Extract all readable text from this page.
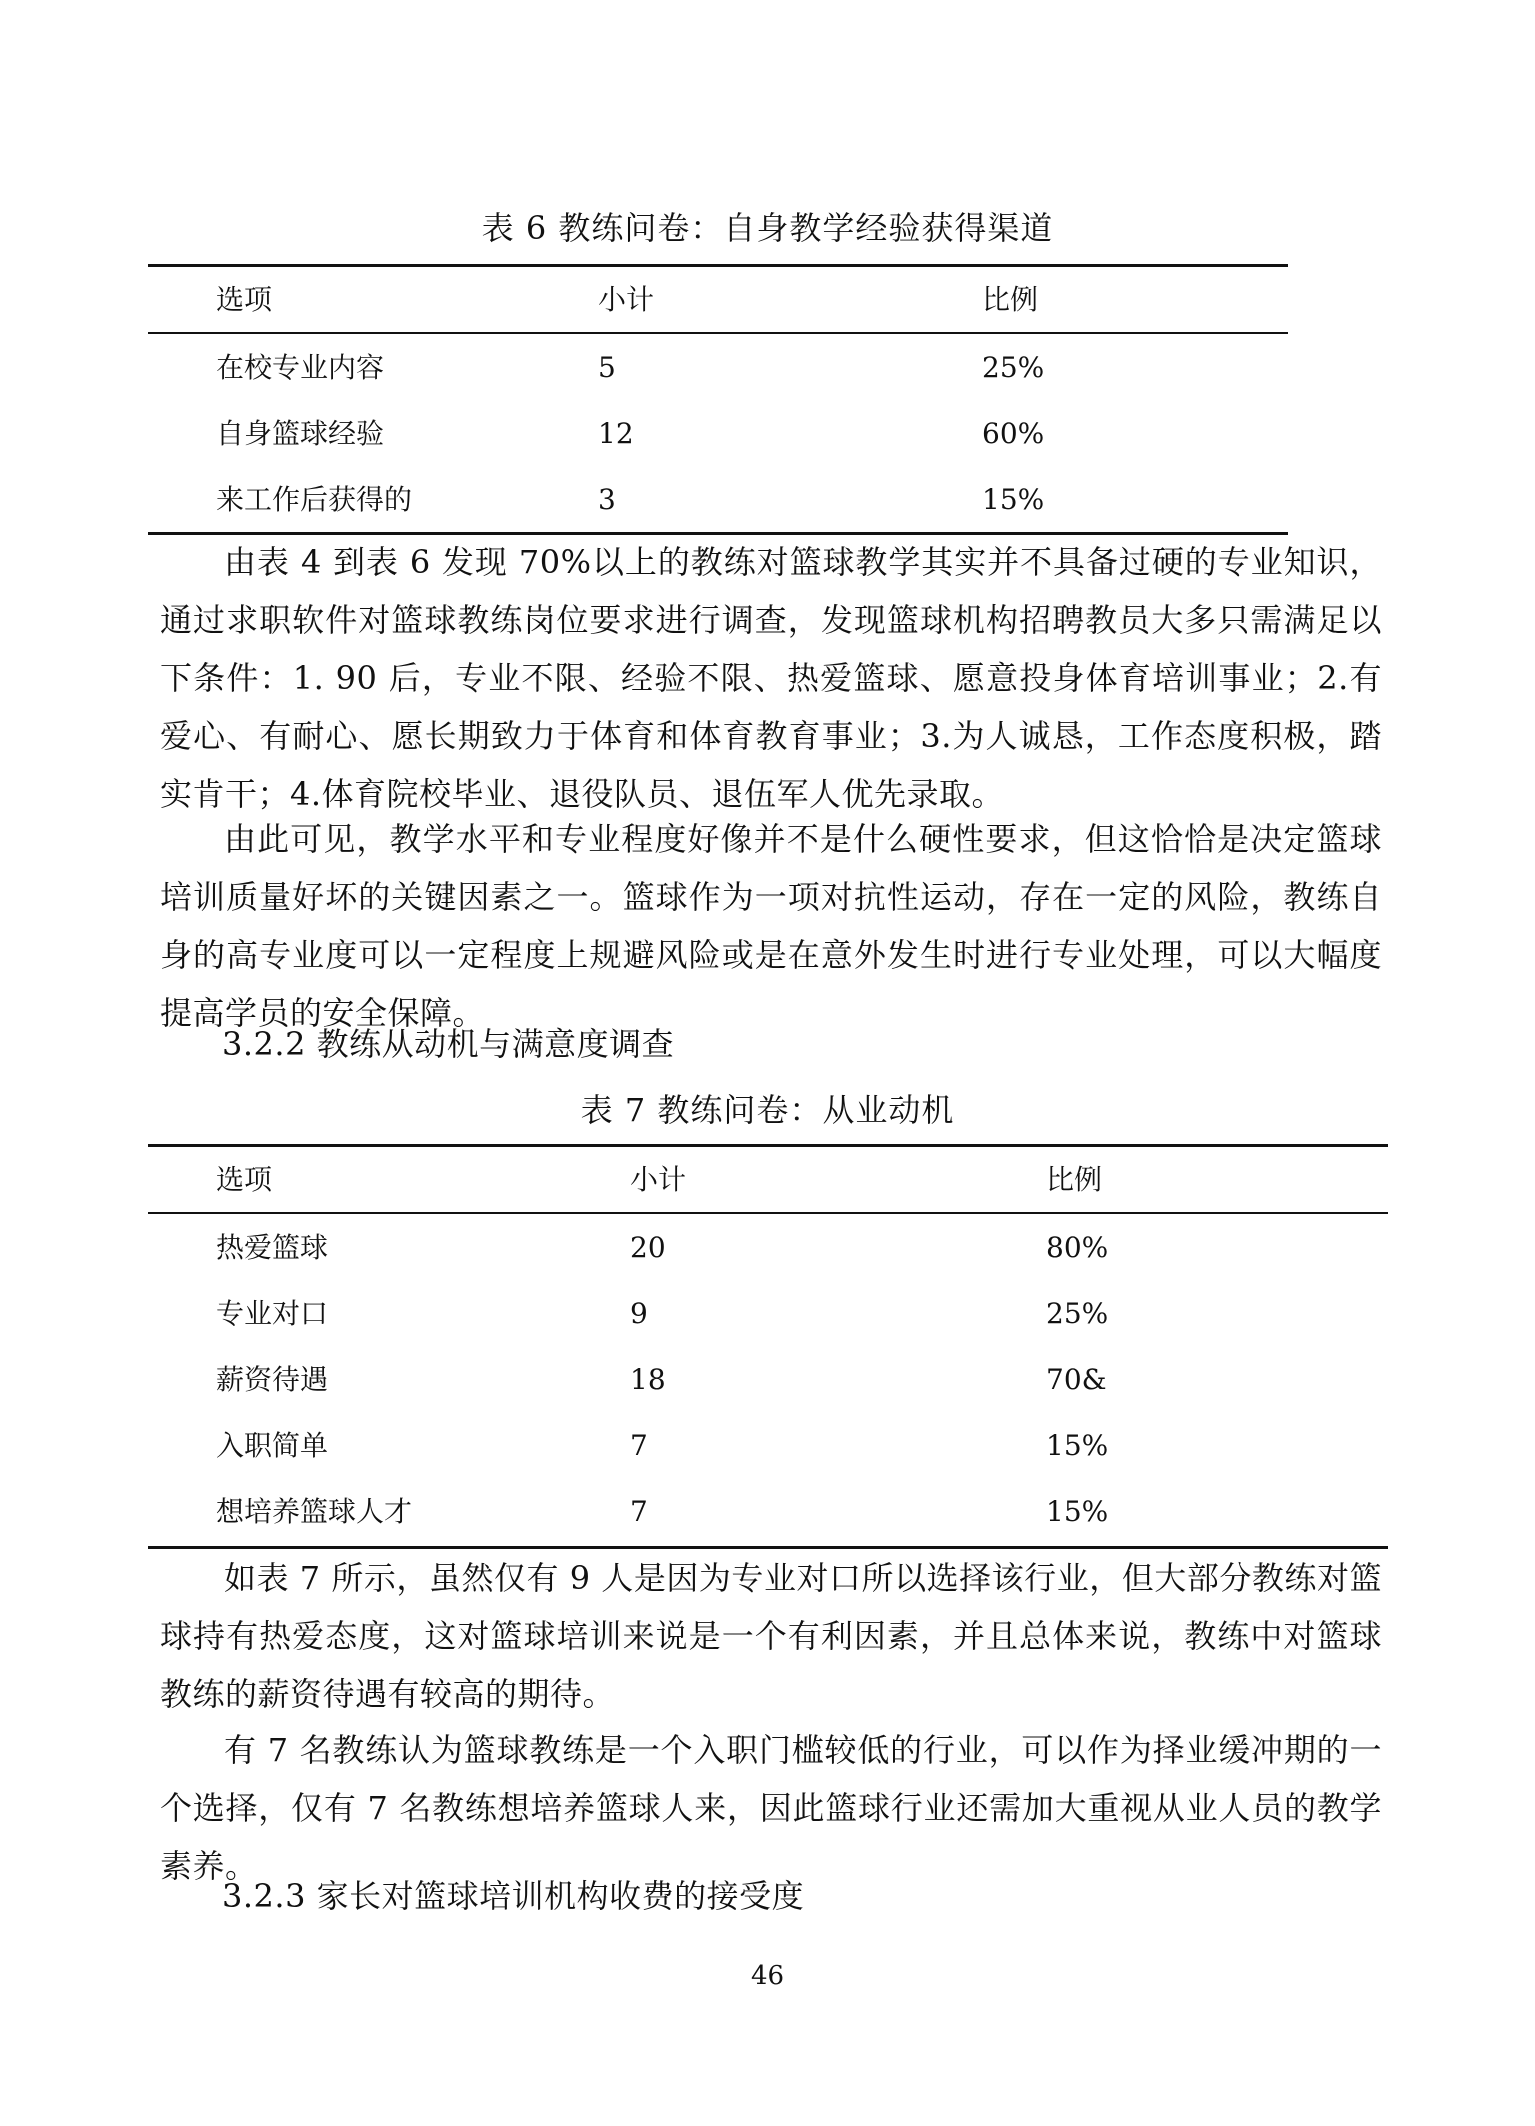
表 6 教练问卷：自身教学经验获得渠道
选项	小计	比例
在校专业内容	5	25%
自身篮球经验	12	60%
来工作后获得的	3	15%

由表 4 到表 6 发现 70%以上的教练对篮球教学其实并不具备过硬的专业知识，通过求职软件对篮球教练岗位要求进行调查，发现篮球机构招聘教员大多只需满足以下条件：1. 90 后，专业不限、经验不限、热爱篮球、愿意投身体育培训事业；2.有爱心、有耐心、愿长期致力于体育和体育教育事业；3.为人诚恳，工作态度积极，踏实肯干；4.体育院校毕业、退役队员、退伍军人优先录取。

由此可见，教学水平和专业程度好像并不是什么硬性要求，但这恰恰是决定篮球培训质量好坏的关键因素之一。篮球作为一项对抗性运动，存在一定的风险，教练自身的高专业度可以一定程度上规避风险或是在意外发生时进行专业处理，可以大幅度提高学员的安全保障。

3.2.2 教练从动机与满意度调查
表 7 教练问卷：从业动机
选项	小计	比例
热爱篮球	20	80%
专业对口	9	25%
薪资待遇	18	70&
入职简单	7	15%
想培养篮球人才	7	15%

如表 7 所示，虽然仅有 9 人是因为专业对口所以选择该行业，但大部分教练对篮球持有热爱态度，这对篮球培训来说是一个有利因素，并且总体来说，教练中对篮球教练的薪资待遇有较高的期待。

有 7 名教练认为篮球教练是一个入职门槛较低的行业，可以作为择业缓冲期的一个选择，仅有 7 名教练想培养篮球人来，因此篮球行业还需加大重视从业人员的教学素养。

3.2.3 家长对篮球培训机构收费的接受度
46
